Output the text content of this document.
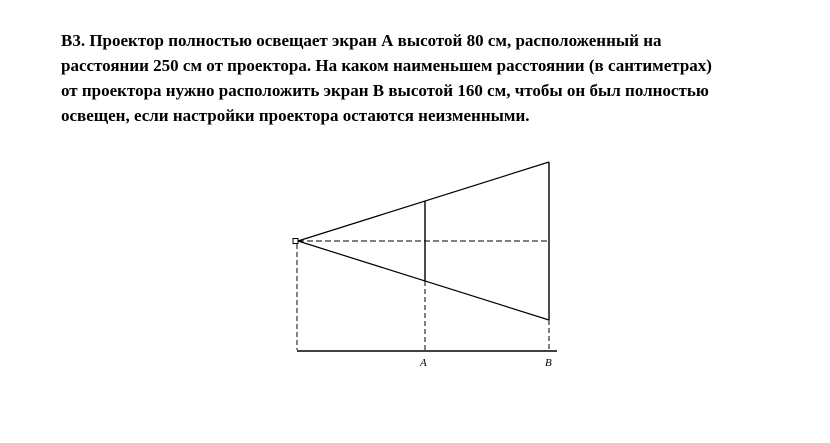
В3. Проектор полностью освещает экран А высотой 80 см, расположенный на
расстоянии 250 см от проектора. На каком наименьшем расстоянии (в сантиметрах)
от проектора нужно расположить экран В высотой 160 см, чтобы он был полностью
освещен, если настройки проектора остаются неизменными.
A	B
